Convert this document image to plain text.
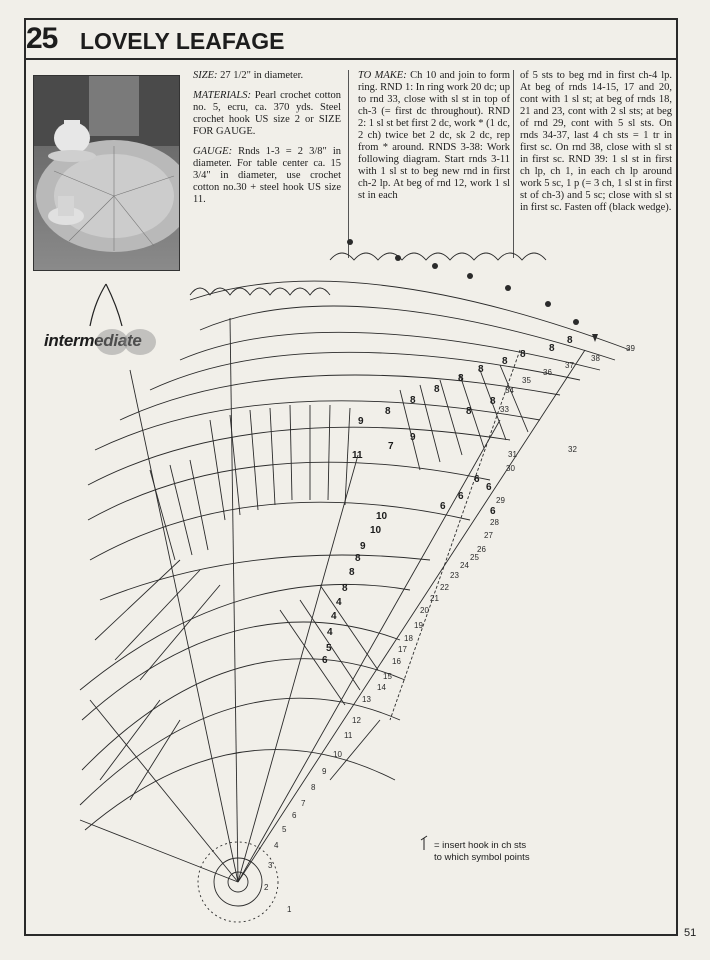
25 LOVELY LEAFAGE

SIZE: 27 1/2" in diameter.

MATERIALS: Pearl crochet cotton no. 5, ecru, ca. 370 yds. Steel crochet hook US size 2 or SIZE FOR GAUGE.

GAUGE: Rnds 1-3 = 2 3/8" in diameter. For table center ca. 15 3/4" in diameter, use crochet cotton no.30 + steel hook US size 11.

TO MAKE: Ch 10 and join to form ring. RND 1: In ring work 20 dc; up to rnd 33, close with sl st in top of ch-3 (= first dc throughout). RND 2: 1 sl st bet first 2 dc, work * (1 dc, 2 ch) twice bet 2 dc, sk 2 dc, rep from * around. RNDS 3-38: Work following diagram. Start rnds 3-11 with 1 sl st to beg new rnd in first ch-2 lp. At beg of rnd 12, work 1 sl st in each
of 5 sts to beg rnd in first ch-4 lp. At beg of rnds 14-15, 17 and 20, cont with 1 sl st; at beg of rnds 18, 21 and 23, cont with 2 sl sts; at beg of rnd 29, cont with 5 sl sts. On rnds 34-37, last 4 ch sts = 1 tr in first sc. On rnd 38, close with sl st in first sc. RND 39: 1 sl st in first ch lp, ch 1, in each ch lp around work 5 sc, 1 p (= 3 ch, 1 sl st in first st of ch-3) and 5 sc; close with sl st in first sc. Fasten off (black wedge).
intermediate	8
8
8
8
8
8
8
8
8
8
8
9
9
7
11
6
6
6
6	6
10
10
9
8
8
8
4
4
4
5
6
39
38
37
36
35
34
33
32
31
30
29
28
27
26
25
24
23
22
21
20
19
18
17
16
15
14
13
12
11
10
9
8
7
6
5
4
3
2
1
= insert hook in ch sts
to which symbol points
51
